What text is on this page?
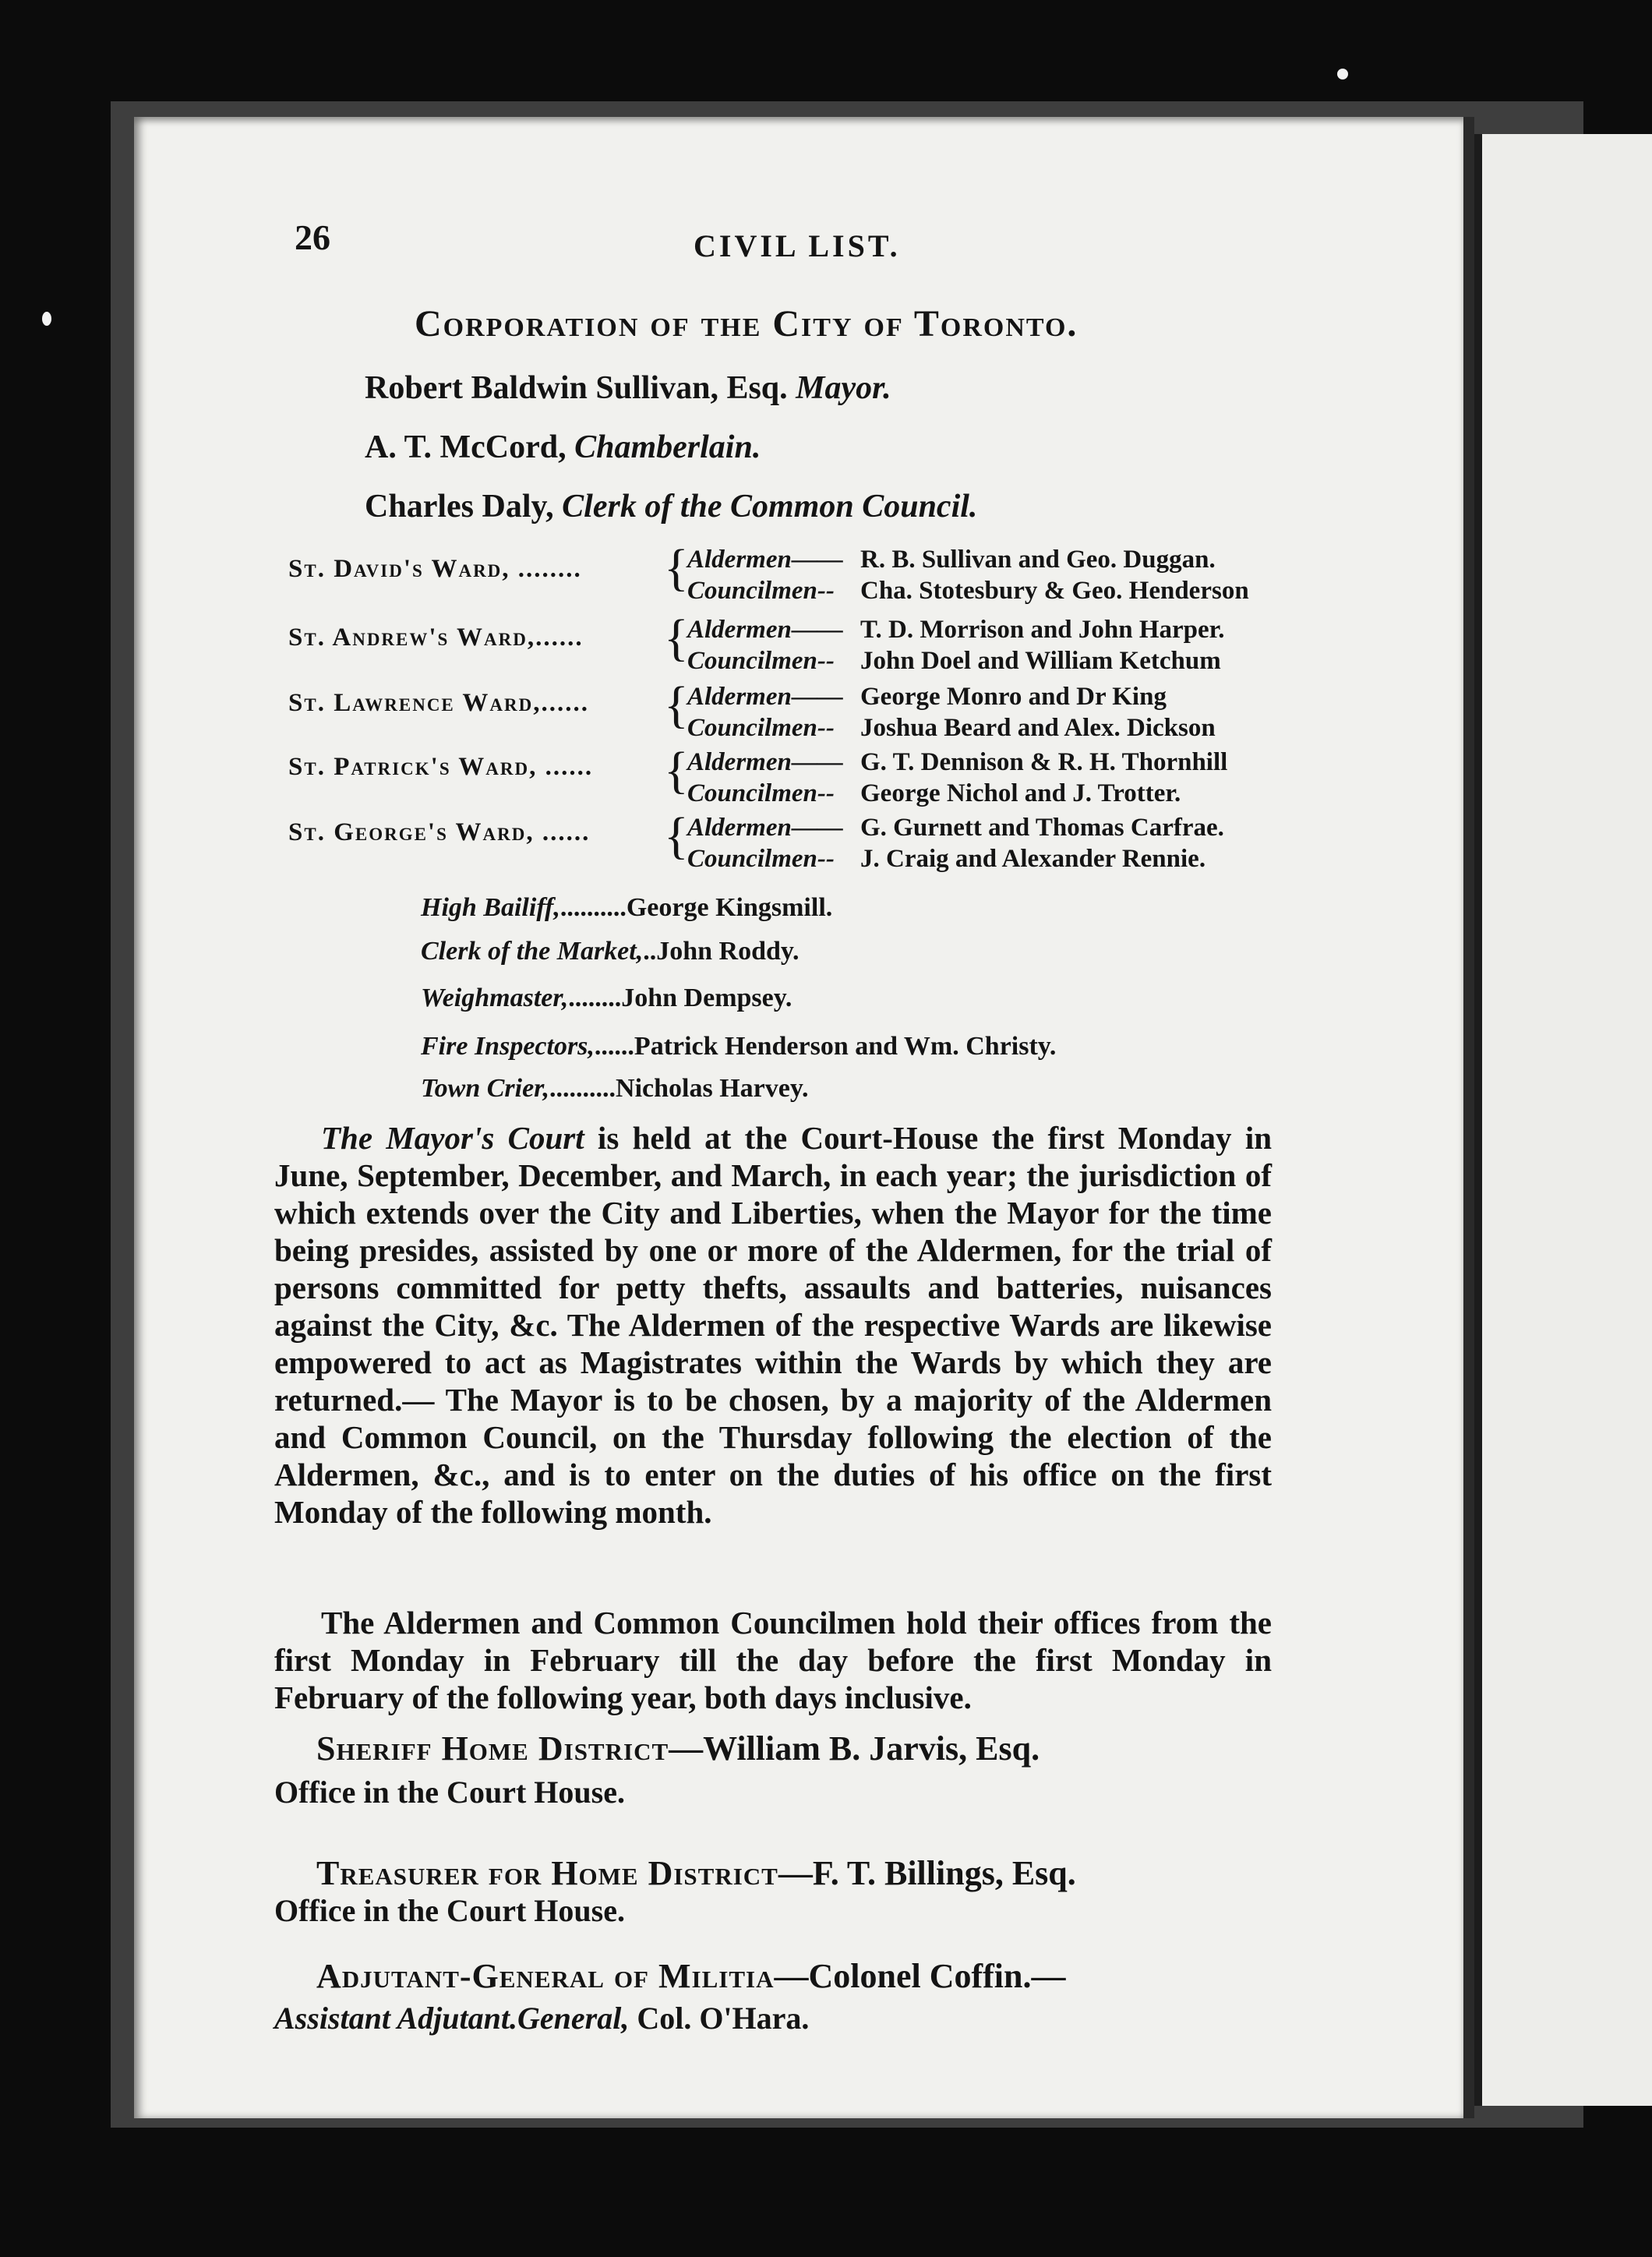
26	CIVIL LIST.
Corporation of the City of Toronto.
Robert Baldwin Sullivan, Esq. Mayor.
A. T. McCord, Chamberlain.
Charles Daly, Clerk of the Common Council.
St. David's Ward, ........ {
Aldermen—— R. B. Sullivan and Geo. Duggan.
Councilmen-- Cha. Stotesbury & Geo. Henderson
St. Andrew's Ward,...... {
Aldermen—— T. D. Morrison and John Harper.
Councilmen-- John Doel and William Ketchum
St. Lawrence Ward,...... {
Aldermen—— George Monro and Dr King
Councilmen-- Joshua Beard and Alex. Dickson
St. Patrick's Ward, ...... {
Aldermen—— G. T. Dennison & R. H. Thornhill
Councilmen-- George Nichol and J. Trotter.
St. George's Ward, ...... {
Aldermen—— G. Gurnett and Thomas Carfrae.
Councilmen-- J. Craig and Alexander Rennie.
High Bailiff,..........George Kingsmill.
Clerk of the Market,..John Roddy.
Weighmaster,........John Dempsey.
Fire Inspectors,......Patrick Henderson and Wm. Christy.
Town Crier,..........Nicholas Harvey.
The Mayor's Court is held at the Court-House the first Monday in June, September, December, and March, in each year; the jurisdiction of which extends over the City and Liberties, when the Mayor for the time being presides, assisted by one or more of the Aldermen, for the trial of persons committed for petty thefts, assaults and batteries, nuisances against the City, &c. The Aldermen of the respective Wards are likewise empowered to act as Magistrates within the Wards by which they are returned.— The Mayor is to be chosen, by a majority of the Aldermen and Common Council, on the Thursday following the election of the Aldermen, &c., and is to enter on the duties of his office on the first Monday of the following month.
The Aldermen and Common Councilmen hold their offices from the first Monday in February till the day before the first Monday in February of the following year, both days inclusive.
Sheriff Home District—William B. Jarvis, Esq.
Office in the Court House.
Treasurer for Home District—F. T. Billings, Esq.
Office in the Court House.
Adjutant-General of Militia—Colonel Coffin.—
Assistant Adjutant.General, Col. O'Hara.
